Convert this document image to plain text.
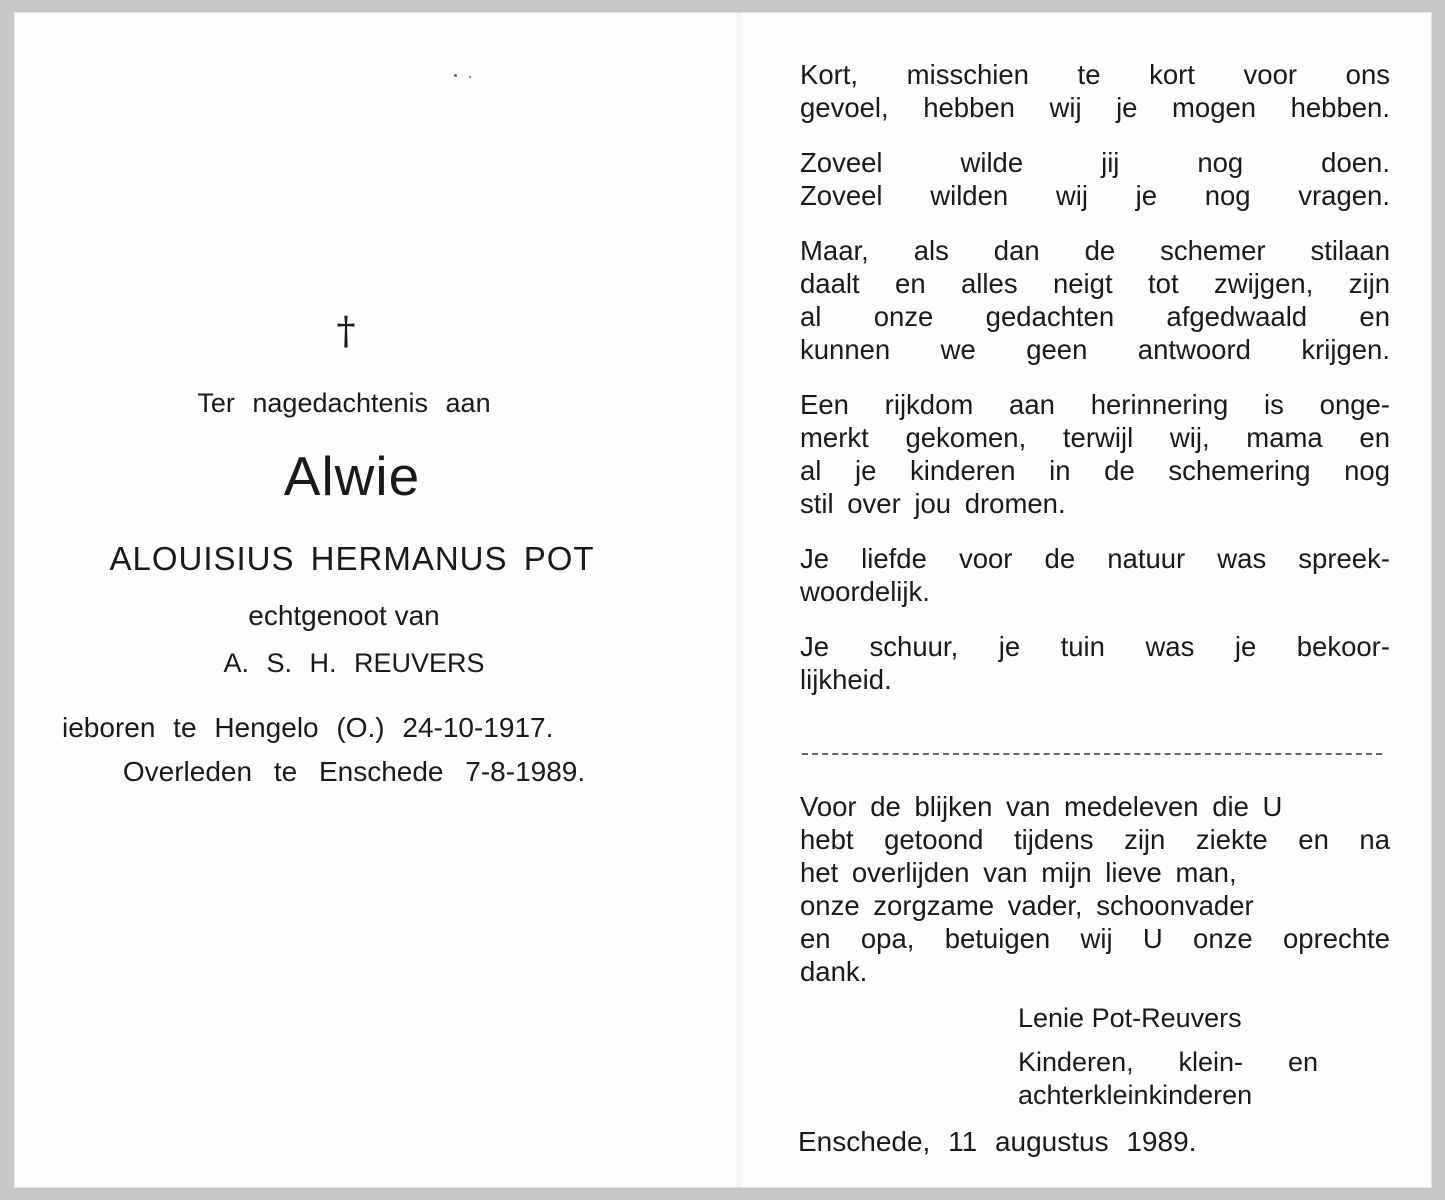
†
Ter nagedachtenis aan
Alwie
ALOUISIUS HERMANUS POT
echtgenoot van
A. S. H. REUVERS
ieboren te Hengelo (O.) 24-10-1917.
Overleden te Enschede 7-8-1989.
Kort, misschien te kort voor ons
gevoel, hebben wij je mogen hebben.
Zoveel wilde jij nog doen.
Zoveel wilden wij je nog vragen.
Maar, als dan de schemer stilaan
daalt en alles neigt tot zwijgen, zijn
al onze gedachten afgedwaald en
kunnen we geen antwoord krijgen.
Een rijkdom aan herinnering is onge-
merkt gekomen, terwijl wij, mama en
al je kinderen in de schemering nog
stil over jou dromen.
Je liefde voor de natuur was spreek-
woordelijk.
Je schuur, je tuin was je bekoor-
lijkheid.
Voor de blijken van medeleven die U
hebt getoond tijdens zijn ziekte en na
het overlijden van mijn lieve man,
onze zorgzame vader, schoonvader
en opa, betuigen wij U onze oprechte
dank.
Lenie Pot-Reuvers
Kinderen, klein- en
achterkleinkinderen
Enschede, 11 augustus 1989.
